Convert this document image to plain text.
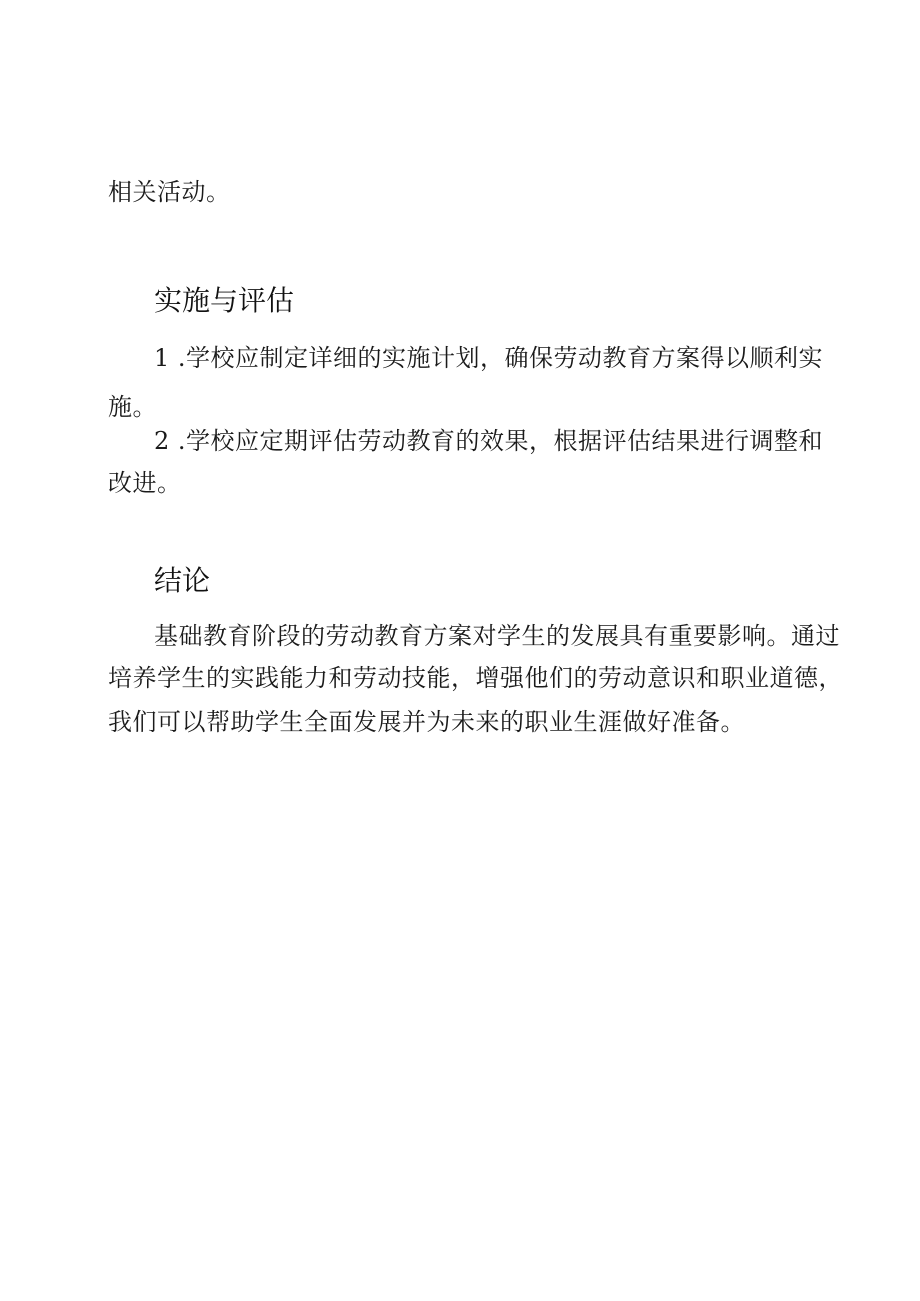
相关活动。
实施与评估
1 .学校应制定详细的实施计划，确保劳动教育方案得以顺利实
施。
2 .学校应定期评估劳动教育的效果，根据评估结果进行调整和
改进。
结论
基础教育阶段的劳动教育方案对学生的发展具有重要影响。通过
培养学生的实践能力和劳动技能，增强他们的劳动意识和职业道德，
我们可以帮助学生全面发展并为未来的职业生涯做好准备。
